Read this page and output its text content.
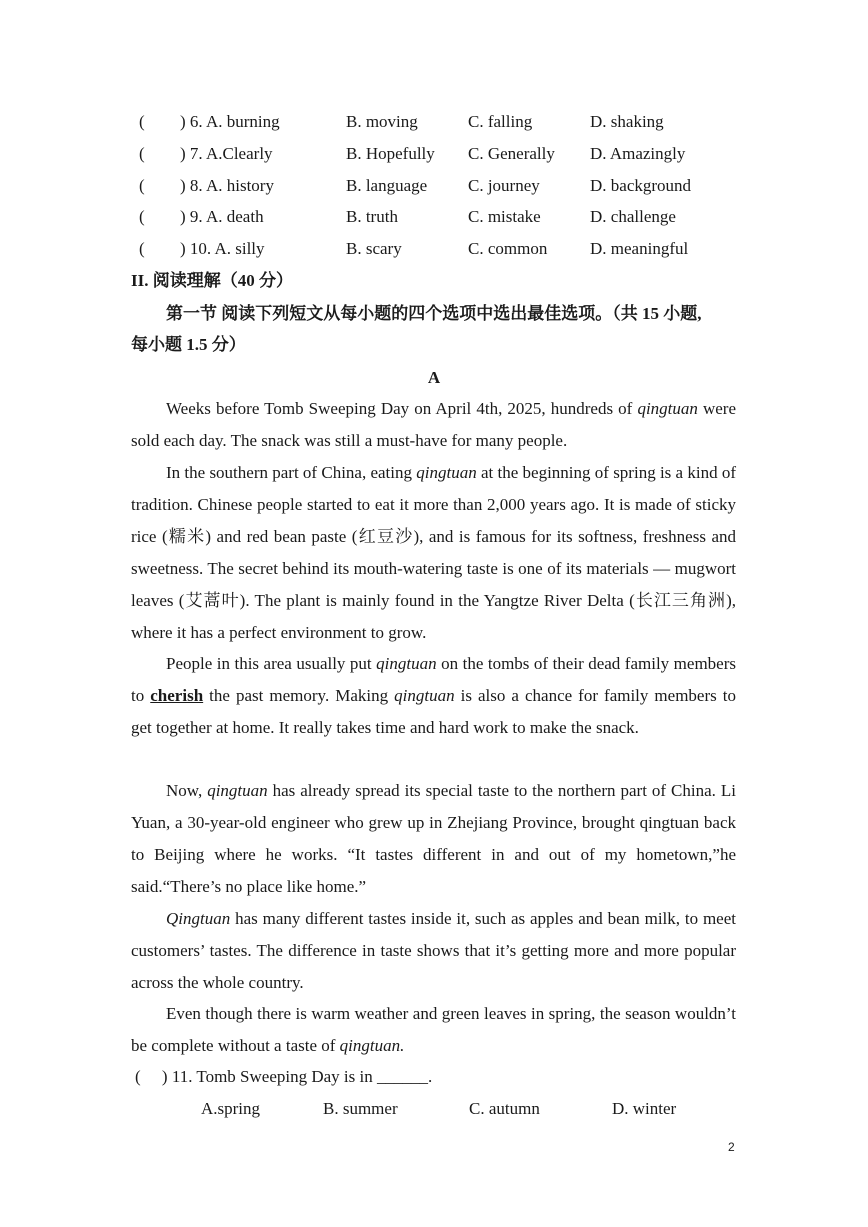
( ) 6. A. burning	B. moving	C. falling	D. shaking
( ) 7. A.Clearly	B. Hopefully C. Generally D. Amazingly
( ) 8. A. history	B. language C. journey	D. background
( ) 9. A. death	B. truth	C. mistake	D. challenge
( ) 10. A. silly	B. scary	C. common	D. meaningful
II. 阅读理解（40 分）
第一节 阅读下列短文从每小题的四个选项中选出最佳选项。（共 15 小题,
每小题 1.5 分）
A
Weeks before Tomb Sweeping Day on April 4th, 2025, hundreds of qingtuan were sold each day. The snack was still a must-have for many people.
In the southern part of China, eating qingtuan at the beginning of spring is a kind of tradition. Chinese people started to eat it more than 2,000 years ago. It is made of sticky rice (糯米) and red bean paste (红豆沙), and is famous for its softness, freshness and sweetness. The secret behind its mouth-watering taste is one of its materials — mugwort leaves (艾蒿叶). The plant is mainly found in the Yangtze River Delta (长江三角洲), where it has a perfect environment to grow.
People in this area usually put qingtuan on the tombs of their dead family members to cherish the past memory. Making qingtuan is also a chance for family members to get together at home. It really takes time and hard work to make the snack.
Now, qingtuan has already spread its special taste to the northern part of China. Li Yuan, a 30-year-old engineer who grew up in Zhejiang Province, brought qingtuan back to Beijing where he works. “It tastes different in and out of my hometown,”he said.“There’s no place like home.”
Qingtuan has many different tastes inside it, such as apples and bean milk, to meet customers’ tastes. The difference in taste shows that it’s getting more and more popular across the whole country.
Even though there is warm weather and green leaves in spring, the season wouldn’t be complete without a taste of qingtuan.
(　 ) 11. Tomb Sweeping Day is in ______.
A.spring	B. summer	C. autumn	D. winter
2
